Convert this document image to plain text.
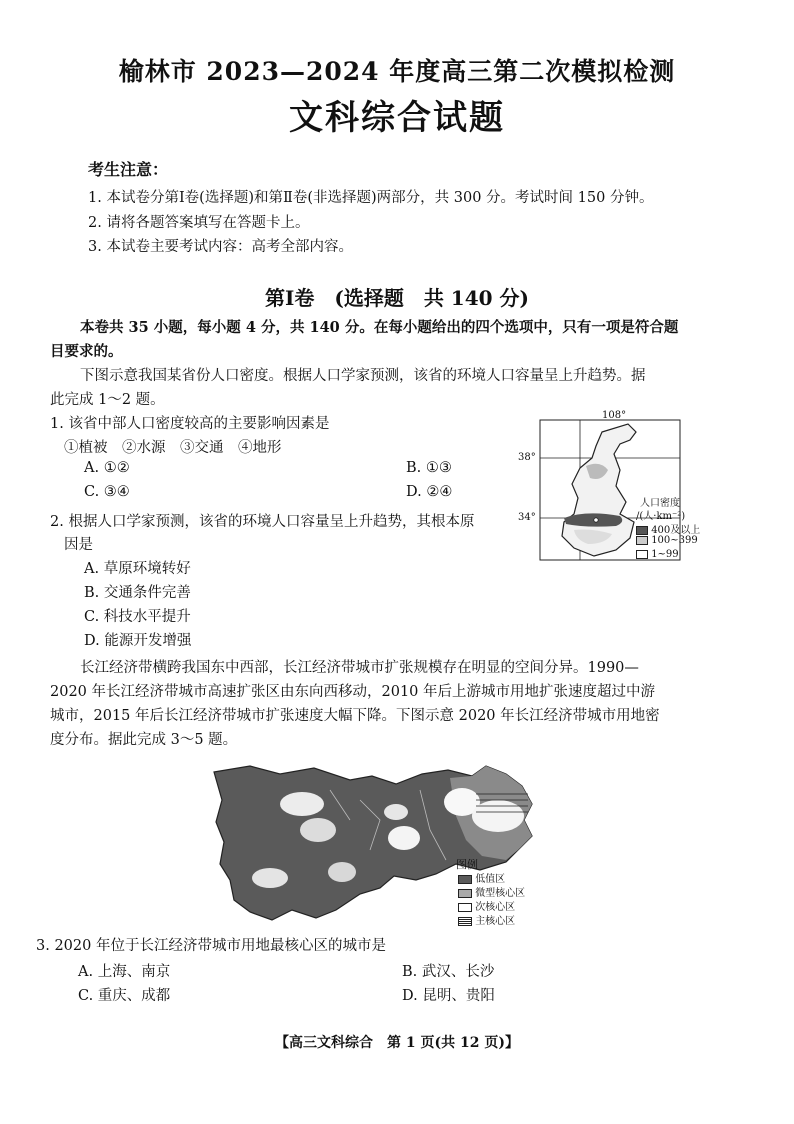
榆林市 2023—2024 年度高三第二次模拟检测
文科综合试题
考生注意：
1. 本试卷分第Ⅰ卷(选择题)和第Ⅱ卷(非选择题)两部分，共 300 分。考试时间 150 分钟。
2. 请将各题答案填写在答题卡上。
3. 本试卷主要考试内容：高考全部内容。
第Ⅰ卷　(选择题　共 140 分)
本卷共 35 小题，每小题 4 分，共 140 分。在每小题给出的四个选项中，只有一项是符合题
目要求的。
下图示意我国某省份人口密度。根据人口学家预测，该省的环境人口容量呈上升趋势。据
此完成 1～2 题。
1. 该省中部人口密度较高的主要影响因素是
①植被　②水源　③交通　④地形
A. ①②	B. ①③
C. ③④	D. ②④
2. 根据人口学家预测，该省的环境人口容量呈上升趋势，其根本原
因是
A. 草原环境转好
B. 交通条件完善
C. 科技水平提升
D. 能源开发增强
108°
38°
34°
人口密度
/(人·km⁻²)
400及以上
100~399
1~99
长江经济带横跨我国东中西部，长江经济带城市扩张规模存在明显的空间分异。1990—
2020 年长江经济带城市高速扩张区由东向西移动，2010 年后上游城市用地扩张速度超过中游
城市，2015 年后长江经济带城市扩张速度大幅下降。下图示意 2020 年长江经济带城市用地密
度分布。据此完成 3～5 题。
图例
低值区
微型核心区
次核心区
主核心区
3. 2020 年位于长江经济带城市用地最核心区的城市是
A. 上海、南京	B. 武汉、长沙
C. 重庆、成都	D. 昆明、贵阳
【高三文科综合　第 1 页(共 12 页)】
